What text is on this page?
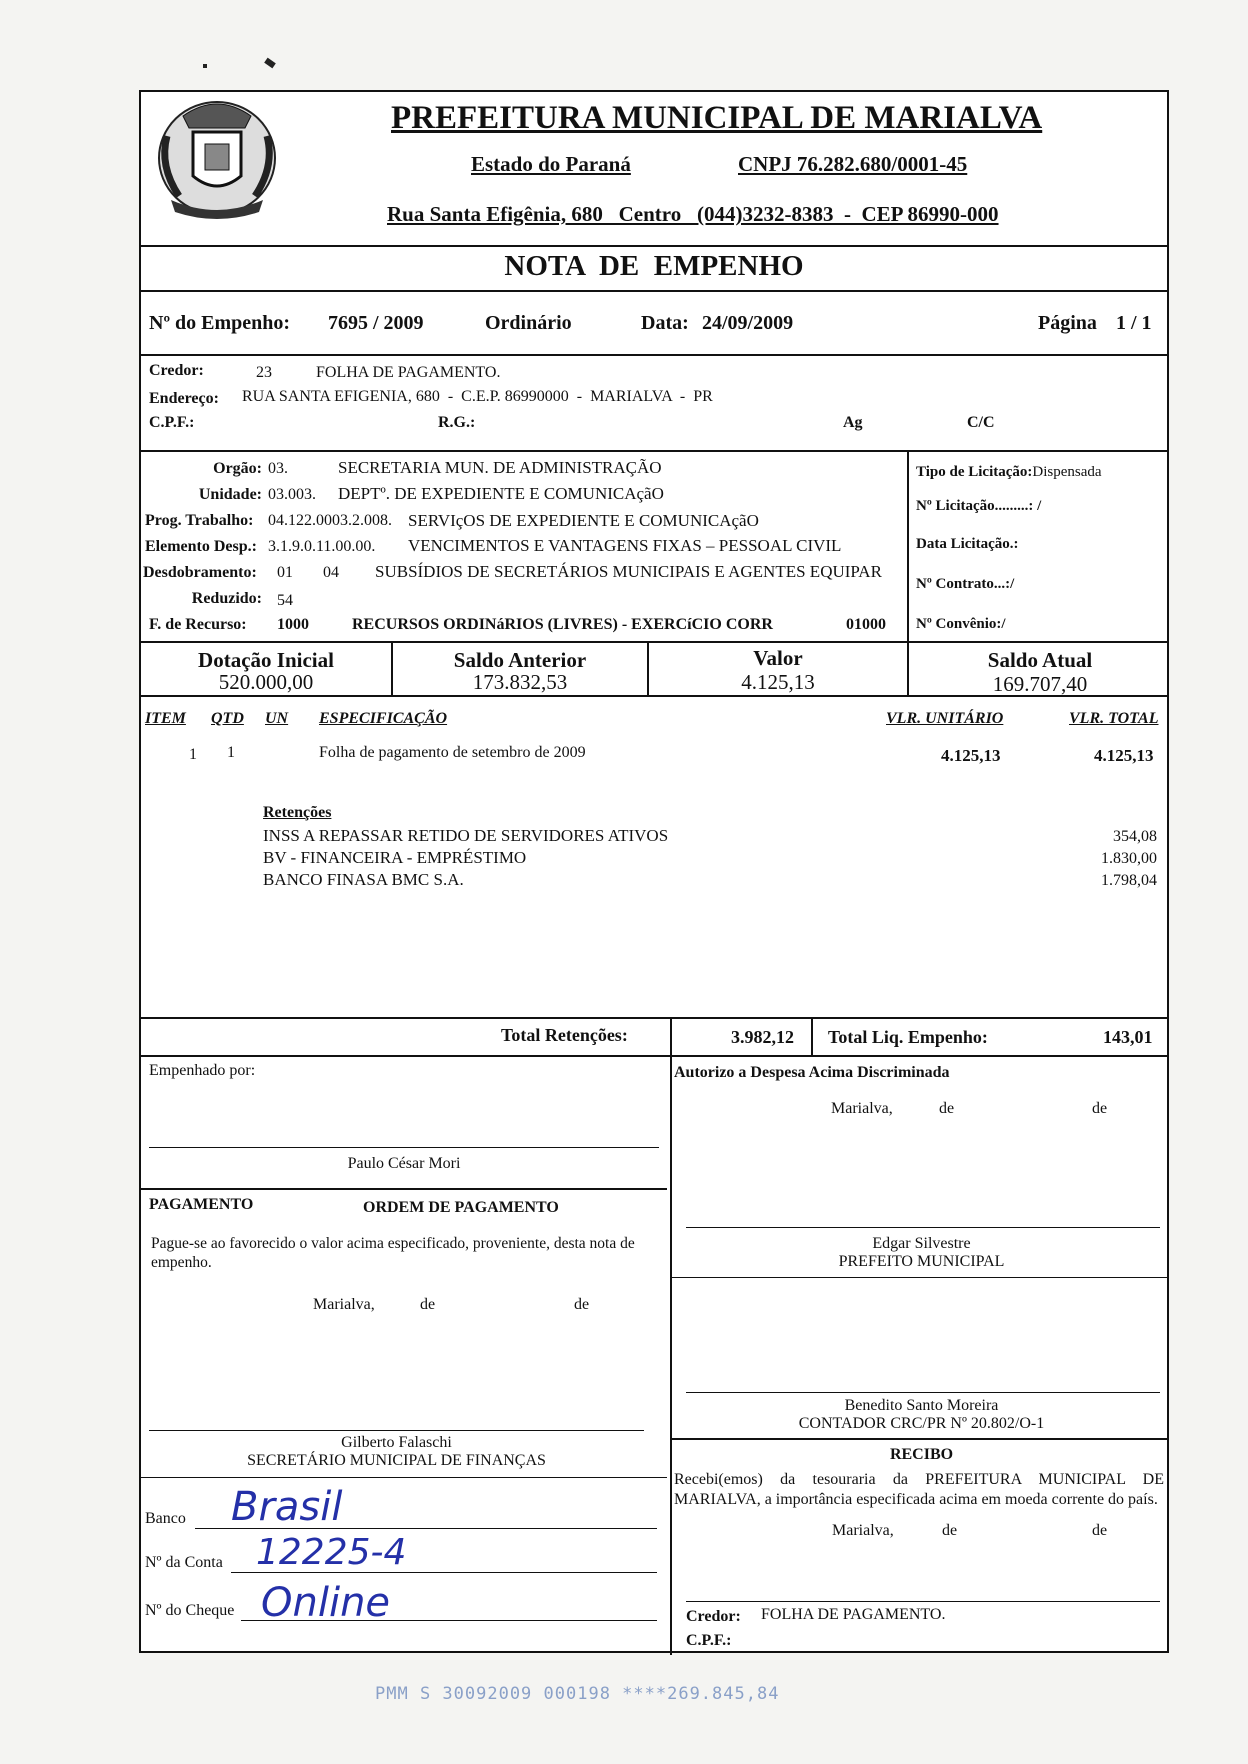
PREFEITURA MUNICIPAL DE MARIALVA
Estado do Paraná	CNPJ 76.282.680/0001-45
Rua Santa Efigênia, 680   Centro   (044)3232-8383  -  CEP 86990-000
NOTA  DE  EMPENHO
Nº do Empenho: 7695 / 2009	Ordinário	Data: 24/09/2009	Página 1 / 1
Credor:	23	FOLHA DE PAGAMENTO.
Endereço: RUA SANTA EFIGENIA, 680  -  C.E.P. 86990000  -  MARIALVA  -  PR
C.P.F.:	R.G.:	Ag	C/C
Orgão: 03.	SECRETARIA MUN. DE ADMINISTRAÇÃO
Unidade: 03.003. DEPTº. DE EXPEDIENTE E COMUNICAçãO
Prog. Trabalho: 04.122.0003.2.008. SERVIçOS DE EXPEDIENTE E COMUNICAçãO
Elemento Desp.: 3.1.9.0.11.00.00. VENCIMENTOS E VANTAGENS FIXAS – PESSOAL CIVIL
Desdobramento: 01 04 SUBSÍDIOS DE SECRETÁRIOS MUNICIPAIS E AGENTES EQUIPAR
Reduzido: 54
F. de Recurso: 1000	RECURSOS ORDINáRIOS (LIVRES) - EXERCíCIO CORR	01000
Tipo de Licitação:Dispensada
Nº Licitação.........: /
Data Licitação.:
Nº Contrato...:/
Nº Convênio:/
Dotação Inicial
520.000,00
Saldo Anterior
173.832,53
Valor
4.125,13
Saldo Atual
169.707,40
ITEM QTD UN ESPECIFICAÇÃO	VLR. UNITÁRIO	VLR. TOTAL
1 1	Folha de pagamento de setembro de 2009	4.125,13	4.125,13
Retenções
INSS A REPASSAR RETIDO DE SERVIDORES ATIVOS	354,08
BV - FINANCEIRA - EMPRÉSTIMO	1.830,00
BANCO FINASA BMC S.A.	1.798,04
Total Retenções:	3.982,12 Total Liq. Empenho:	143,01
Empenhado por:
Paulo César Mori
Autorizo a Despesa Acima Discriminada
Marialva,	de	de
PAGAMENTO	ORDEM DE PAGAMENTO
Pague-se ao favorecido o valor acima especificado, proveniente, desta nota de empenho.
Marialva,	de	de
Gilberto Falaschi
SECRETÁRIO MUNICIPAL DE FINANÇAS
Edgar Silvestre
PREFEITO MUNICIPAL
Benedito Santo Moreira
CONTADOR CRC/PR Nº 20.802/O-1
RECIBO
Recebi(emos) da tesouraria da PREFEITURA MUNICIPAL DE MARIALVA, a importância especificada acima em moeda corrente do país.
Marialva,	de	de
Credor: FOLHA DE PAGAMENTO.
C.P.F.:
Banco Brasil
Nº da Conta 12225-4
Nº do Cheque Online
PMM S 30092009 000198 ****269.845,84
